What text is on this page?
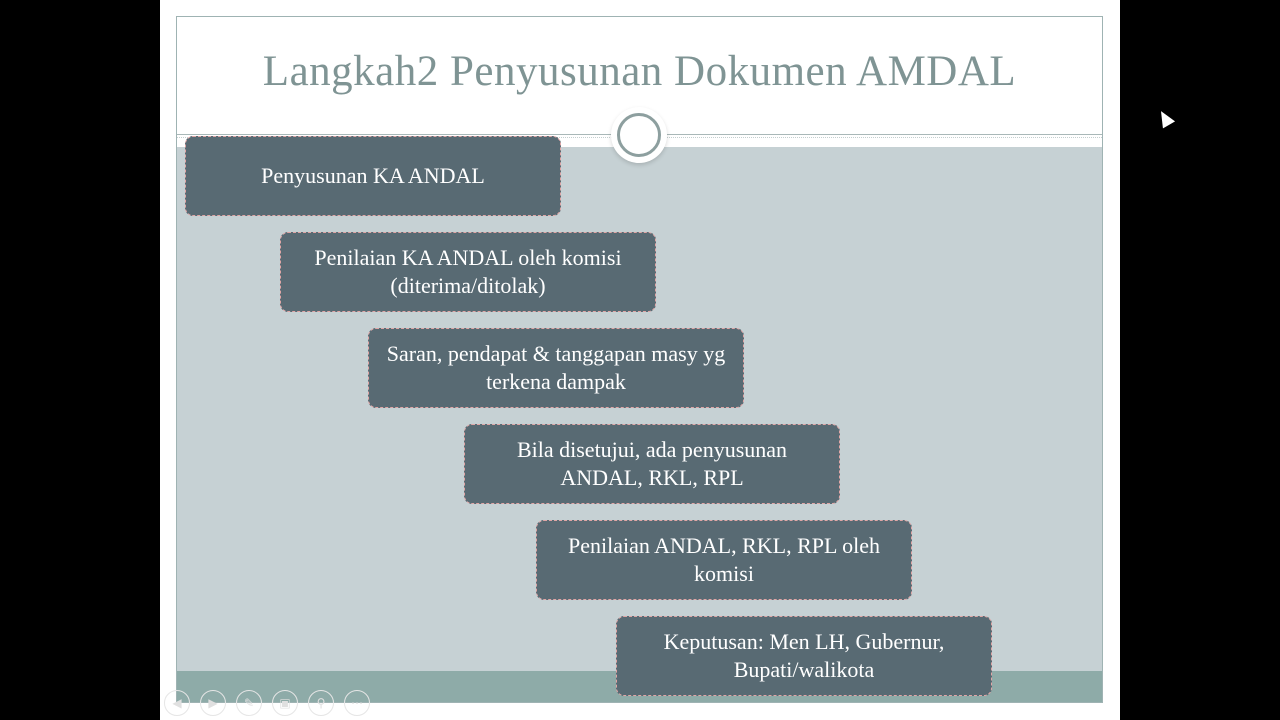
Langkah2 Penyusunan Dokumen AMDAL
Penyusunan KA ANDAL
Penilaian KA ANDAL oleh komisi (diterima/ditolak)
Saran, pendapat & tanggapan masy yg terkena dampak
Bila disetujui, ada penyusunan ANDAL, RKL, RPL
Penilaian ANDAL, RKL, RPL oleh komisi
Keputusan: Men LH, Gubernur, Bupati/walikota
◀	▶	✎	▣	⚲	⋯
